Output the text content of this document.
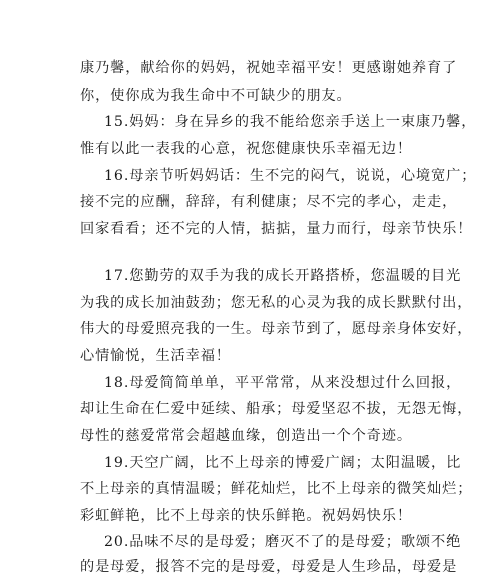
康乃馨，献给你的妈妈，祝她幸福平安！更感谢她养育了
你，使你成为我生命中不可缺少的朋友。
15.妈妈：身在异乡的我不能给您亲手送上一束康乃馨，
惟有以此一表我的心意，祝您健康快乐幸福无边！
16.母亲节听妈妈话：生不完的闷气，说说，心境宽广；
接不完的应酬，辞辞，有利健康；尽不完的孝心，走走，
回家看看；还不完的人情，掂掂，量力而行，母亲节快乐！
17.您勤劳的双手为我的成长开路搭桥，您温暖的目光
为我的成长加油鼓劲；您无私的心灵为我的成长默默付出，
伟大的母爱照亮我的一生。母亲节到了，愿母亲身体安好，
心情愉悦，生活幸福！
18.母爱简简单单，平平常常，从来没想过什么回报，
却让生命在仁爱中延续、船承；母爱坚忍不拔，无怨无悔，
母性的慈爱常常会超越血缘，创造出一个个奇迹。
19.天空广阔，比不上母亲的博爱广阔；太阳温暖，比
不上母亲的真情温暖；鲜花灿烂，比不上母亲的微笑灿烂；
彩虹鲜艳，比不上母亲的快乐鲜艳。祝妈妈快乐！
20.品味不尽的是母爱；磨灭不了的是母爱；歌颂不绝
的是母爱，报答不完的是母爱，母爱是人生珍品，母爱是
